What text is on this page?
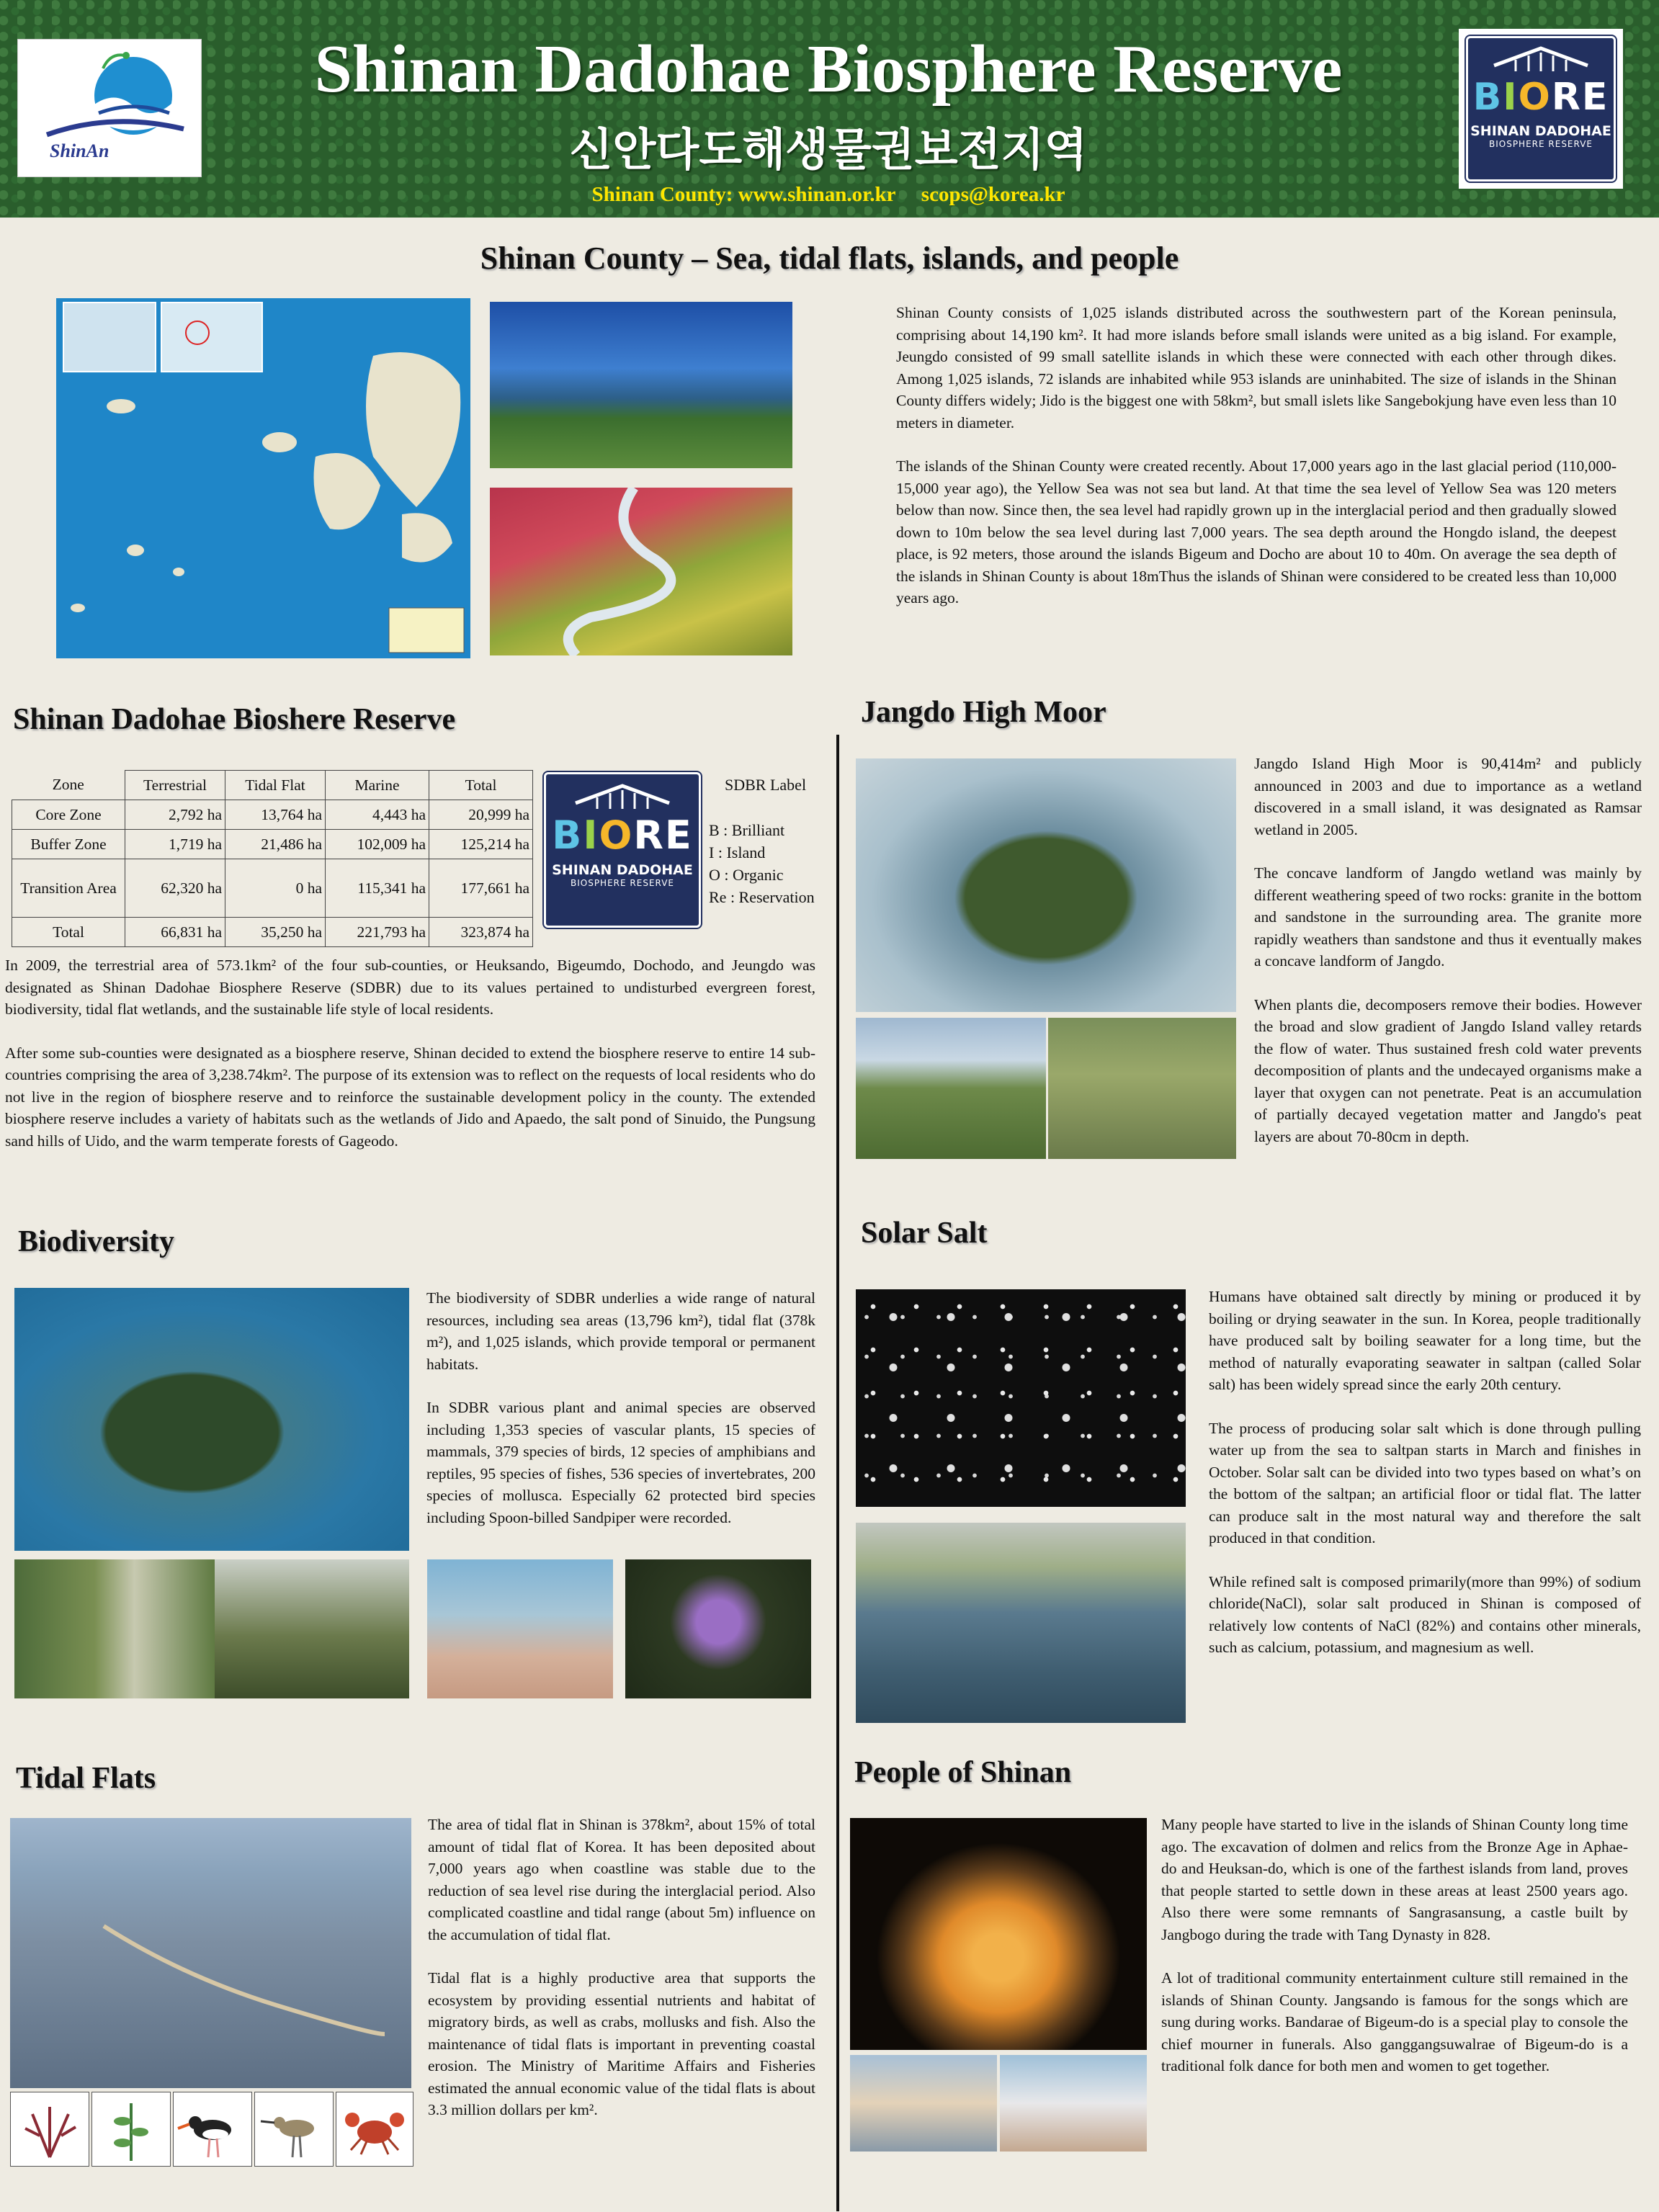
ShinAn
Shinan Dadohae Biosphere Reserve
신안다도해생물권보전지역
Shinan County: www.shinan.or.kr scops@korea.kr
BIORE
SHINAN DADOHAE
BIOSPHERE RESERVE
Shinan County – Sea, tidal flats, islands, and people

Shinan County consists of 1,025 islands distributed across the southwestern part of the Korean peninsula, comprising about 14,190 km². It had more islands before small islands were united as a big island. For example, Jeungdo consisted of 99 small satellite islands in which these were connected with each other through dikes. Among 1,025 islands, 72 islands are inhabited while 953 islands are uninhabited. The size of islands in the Shinan County differs widely; Jido is the biggest one with 58km², but small islets like Sangebokjung have even less than 10 meters in diameter.

The islands of the Shinan County were created recently. About 17,000 years ago in the last glacial period (110,000-15,000 year ago), the Yellow Sea was not sea but land. At that time the sea level of Yellow Sea was 120 meters below than now. Since then, the sea level had rapidly grown up in the interglacial period and then gradually slowed down to 10m below the sea level during last 7,000 years. The sea depth around the Hongdo island, the deepest place, is 92 meters, those around the islands Bigeum and Docho are about 10 to 40m. On average the sea depth of the islands in Shinan County is about 18mThus the islands of Shinan were considered to be created less than 10,000 years ago.

Shinan Dadohae Bioshere Reserve
Zone	Terrestrial	Tidal Flat	Marine	Total
Core Zone	2,792 ha	13,764 ha	4,443 ha	20,999 ha
Buffer Zone	1,719 ha	21,486 ha	102,009 ha	125,214 ha
Transition Area	62,320 ha	0 ha	115,341 ha	177,661 ha
Total	66,831 ha	35,250 ha	221,793 ha	323,874 ha
BIORE
SHINAN DADOHAE
BIOSPHERE RESERVE
SDBR Label
B : Brilliant
I : Island
O : Organic
Re : Reservation

In 2009, the terrestrial area of 573.1km² of the four sub-counties, or Heuksando, Bigeumdo, Dochodo, and Jeungdo was designated as Shinan Dadohae Biosphere Reserve (SDBR) due to its values pertained to undisturbed evergreen forest, biodiversity, tidal flat wetlands, and the sustainable life style of local residents.

After some sub-counties were designated as a biosphere reserve, Shinan decided to extend the biosphere reserve to entire 14 sub-countries comprising the area of 3,238.74km². The purpose of its extension was to reflect on the requests of local residents who do not live in the region of biosphere reserve and to reinforce the sustainable development policy in the county. The extended biosphere reserve includes a variety of habitats such as the wetlands of Jido and Apaedo, the salt pond of Sinuido, the Pungsung sand hills of Uido, and the warm temperate forests of Gageodo.

Biodiversity

The biodiversity of SDBR underlies a wide range of natural resources, including sea areas (13,796 km²), tidal flat (378k m²), and 1,025 islands, which provide temporal or permanent habitats.

In SDBR various plant and animal species are observed including 1,353 species of vascular plants, 15 species of mammals, 379 species of birds, 12 species of amphibians and reptiles, 95 species of fishes, 536 species of invertebrates, 200 species of mollusca. Especially 62 protected bird species including Spoon-billed Sandpiper were recorded.

Tidal Flats

The area of tidal flat in Shinan is 378km², about 15% of total amount of tidal flat of Korea. It has been deposited about 7,000 years ago when coastline was stable due to the reduction of sea level rise during the interglacial period. Also complicated coastline and tidal range (about 5m) influence on the accumulation of tidal flat.

Tidal flat is a highly productive area that supports the ecosystem by providing essential nutrients and habitat of migratory birds, as well as crabs, mollusks and fish. Also the maintenance of tidal flats is important in preventing coastal erosion. The Ministry of Maritime Affairs and Fisheries estimated the annual economic value of the tidal flats is about 3.3 million dollars per km².

Jangdo High Moor

Jangdo Island High Moor is 90,414m² and publicly announced in 2003 and due to importance as a wetland discovered in a small island, it was designated as Ramsar wetland in 2005.

The concave landform of Jangdo wetland was mainly by different weathering speed of two rocks: granite in the bottom and sandstone in the surrounding area. The granite more rapidly weathers than sandstone and thus it eventually makes a concave landform of Jangdo.

When plants die, decomposers remove their bodies. However the broad and slow gradient of Jangdo Island valley retards the flow of water. Thus sustained fresh cold water prevents decomposition of plants and the undecayed organisms make a layer that oxygen can not penetrate. Peat is an accumulation of partially decayed vegetation matter and Jangdo's peat layers are about 70-80cm in depth.

Solar Salt

Humans have obtained salt directly by mining or produced it by boiling or drying seawater in the sun. In Korea, people traditionally have produced salt by boiling seawater for a long time, but the method of naturally evaporating seawater in saltpan (called Solar salt) has been widely spread since the early 20th century.

The process of producing solar salt which is done through pulling water up from the sea to saltpan starts in March and finishes in October. Solar salt can be divided into two types based on what’s on the bottom of the saltpan; an artificial floor or tidal flat. The latter can produce salt in the most natural way and therefore the salt produced in that condition.

While refined salt is composed primarily(more than 99%) of sodium chloride(NaCl), solar salt produced in Shinan is composed of relatively low contents of NaCl (82%) and contains other minerals, such as calcium, potassium, and magnesium as well.

People of Shinan

Many people have started to live in the islands of Shinan County long time ago. The excavation of dolmen and relics from the Bronze Age in Aphae-do and Heuksan-do, which is one of the farthest islands from land, proves that people started to settle down in these areas at least 2500 years ago. Also there were some remnants of Sangrasansung, a castle built by Jangbogo during the trade with Tang Dynasty in 828.

A lot of traditional community entertainment culture still remained in the islands of Shinan County. Jangsando is famous for the songs which are sung during works. Bandarae of Bigeum-do is a special play to console the chief mourner in funerals. Also ganggangsuwalrae of Bigeum-do is a traditional folk dance for both men and women to get together.
